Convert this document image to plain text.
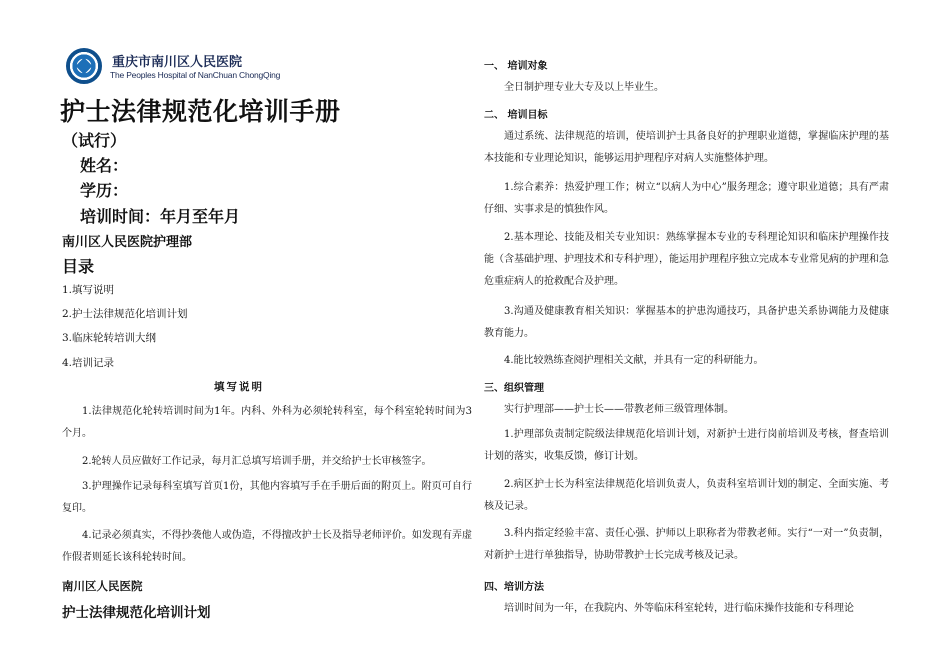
重庆市南川区人民医院
The Peoples Hospital of NanChuan ChongQing
护士法律规范化培训手册
（试行）
姓名：
学历：
培训时间：年月至年月
南川区人民医院护理部
目录
1.填写说明
2.护士法律规范化培训计划
3.临床轮转培训大纲
4.培训记录
填写说明

1.法律规范化轮转培训时间为1年。内科、外科为必须轮转科室，每个科室轮转时间为3个月。

2.轮转人员应做好工作记录，每月汇总填写培训手册，并交给护士长审核签字。

3.护理操作记录每科室填写首页1份，其他内容填写手在手册后面的附页上。附页可自行复印。

4.记录必须真实，不得抄袭他人或伪造，不得擅改护士长及指导老师评价。如发现有弄虚作假者则延长该科轮转时间。

南川区人民医院
护士法律规范化培训计划
一、 培训对象

全日制护理专业大专及以上毕业生。

二、 培训目标

通过系统、法律规范的培训，使培训护士具备良好的护理职业道德，掌握临床护理的基本技能和专业理论知识，能够运用护理程序对病人实施整体护理。

1.综合素养：热爱护理工作；树立“以病人为中心”服务理念；遵守职业道德；具有严肃仔细、实事求是的慎独作风。

2.基本理论、技能及相关专业知识：熟练掌握本专业的专科理论知识和临床护理操作技能（含基础护理、护理技术和专科护理），能运用护理程序独立完成本专业常见病的护理和急危重症病人的抢救配合及护理。

3.沟通及健康教育相关知识：掌握基本的护患沟通技巧，具备护患关系协调能力及健康教育能力。

4.能比较熟练查阅护理相关文献，并具有一定的科研能力。

三、组织管理

实行护理部——护士长——带教老师三级管理体制。

1.护理部负责制定院级法律规范化培训计划，对新护士进行岗前培训及考核，督查培训计划的落实，收集反馈，修订计划。

2.病区护士长为科室法律规范化培训负责人，负责科室培训计划的制定、全面实施、考核及记录。

3.科内指定经验丰富、责任心强、护师以上职称者为带教老师。实行“一对一”负责制，对新护士进行单独指导，协助带教护士长完成考核及记录。

四、培训方法

培训时间为一年，在我院内、外等临床科室轮转，进行临床操作技能和专科理论
